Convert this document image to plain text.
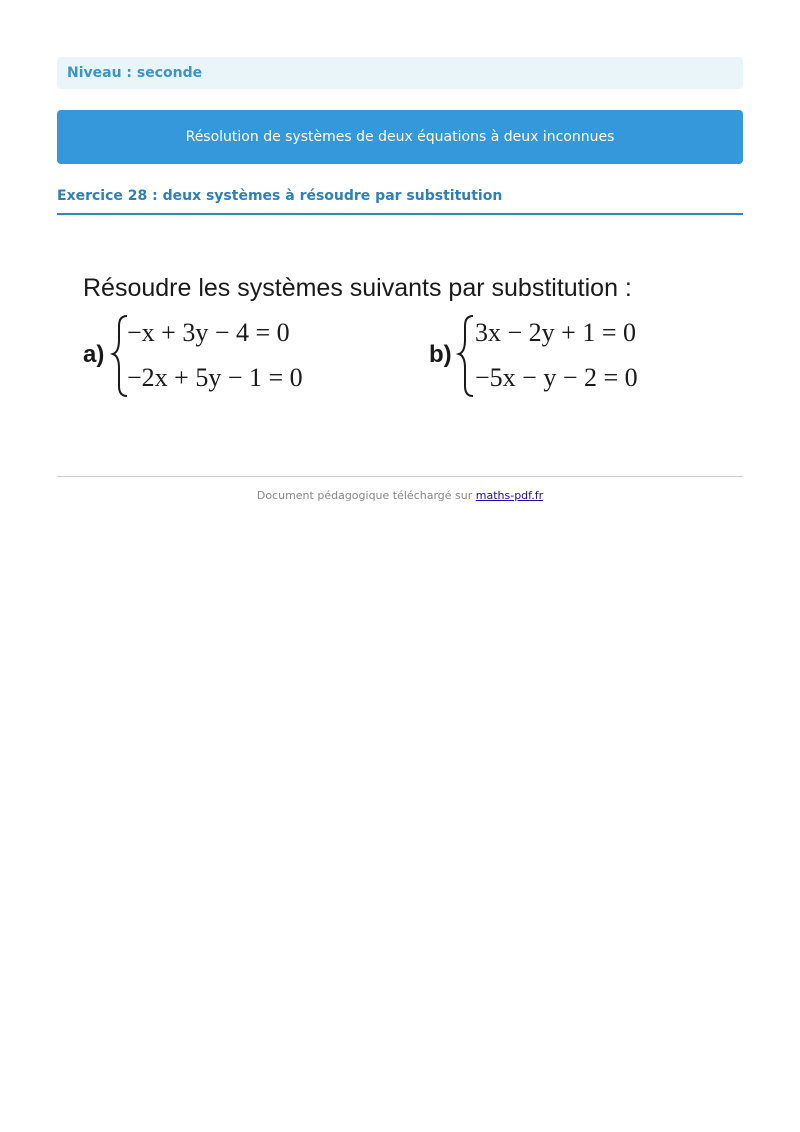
Niveau : seconde
Résolution de systèmes de deux équations à deux inconnues
Exercice 28 : deux systèmes à résoudre par substitution
Résoudre les systèmes suivants par substitution :
a)
−x + 3y − 4 = 0
−2x + 5y − 1 = 0
b)
3x − 2y + 1 = 0
−5x − y − 2 = 0
Document pédagogique téléchargé sur maths-pdf.fr
